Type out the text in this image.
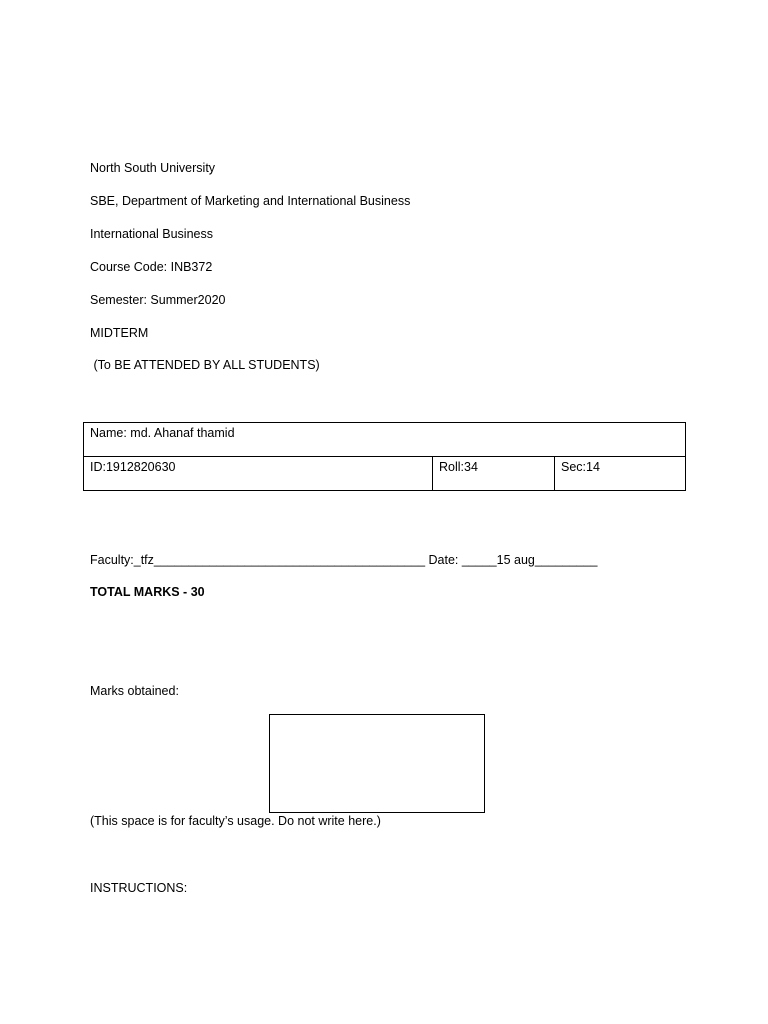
North South University
SBE, Department of Marketing and International Business
International Business
Course Code: INB372
Semester: Summer2020
MIDTERM
(To BE ATTENDED BY ALL STUDENTS)
Name: md. Ahanaf thamid
ID:1912820630	Roll:34	Sec:14
Faculty:_tfz_______________________________________ Date: _____15 aug_________
TOTAL MARKS - 30
Marks obtained:
(This space is for faculty’s usage. Do not write here.)
INSTRUCTIONS:
